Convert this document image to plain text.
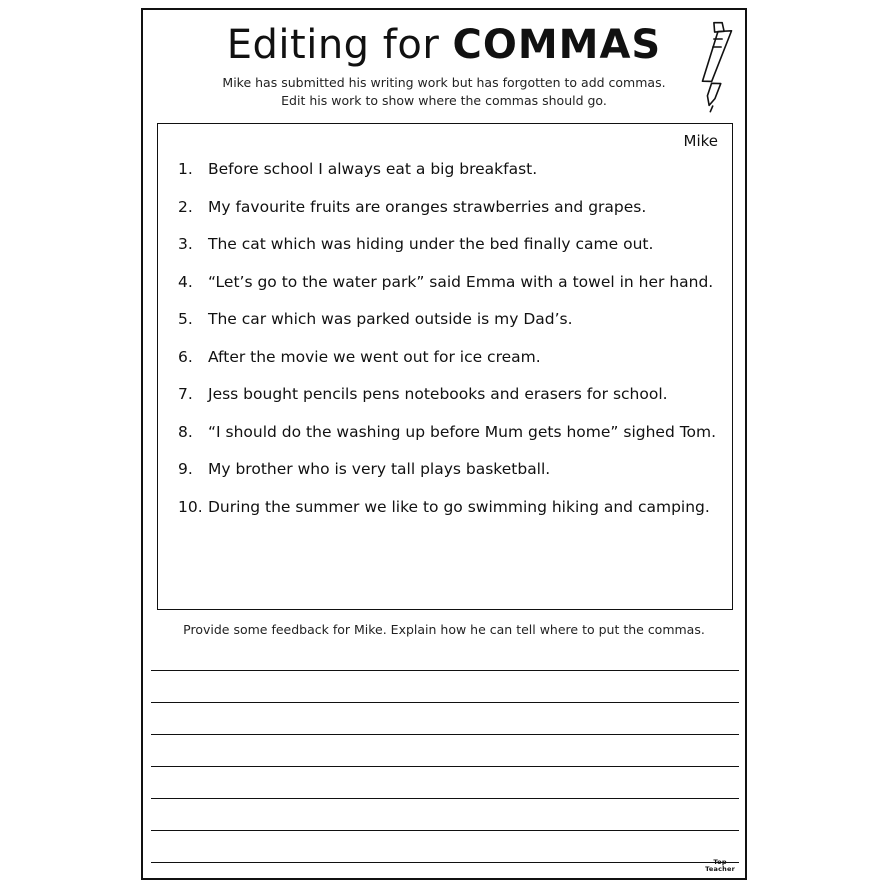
Editing for COMMAS
Mike has submitted his writing work but has forgotten to add commas.
Edit his work to show where the commas should go.
Mike
1. Before school I always eat a big breakfast.
2. My favourite fruits are oranges strawberries and grapes.
3. The cat which was hiding under the bed finally came out.
4. “Let’s go to the water park” said Emma with a towel in her hand.
5. The car which was parked outside is my Dad’s.
6. After the movie we went out for ice cream.
7. Jess bought pencils pens notebooks and erasers for school.
8. “I should do the washing up before Mum gets home” sighed Tom.
9. My brother who is very tall plays basketball.
10. During the summer we like to go swimming hiking and camping.
Provide some feedback for Mike. Explain how he can tell where to put the commas.
Top
Teacher
